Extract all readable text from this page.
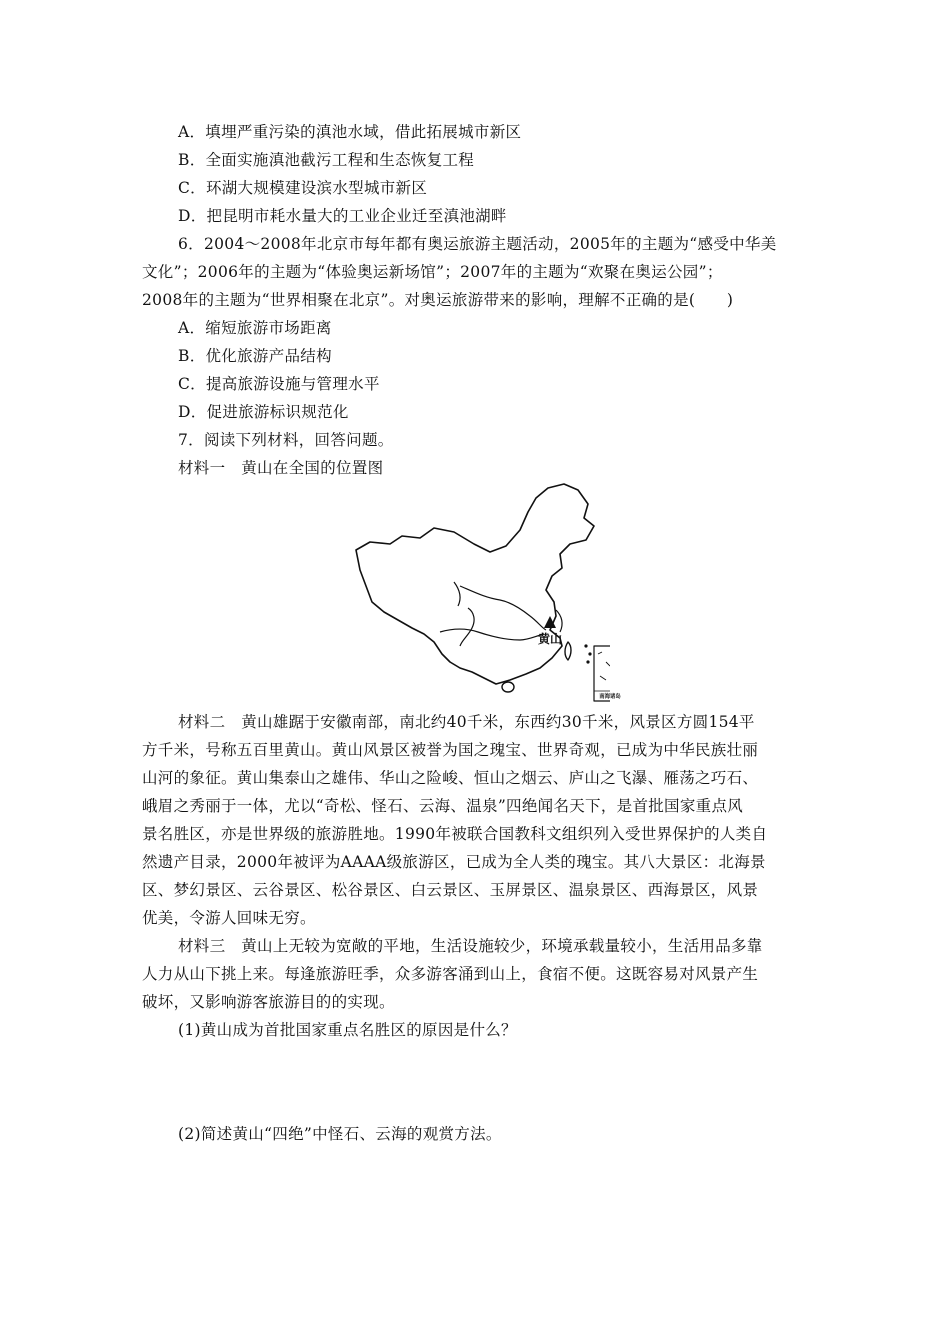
A．填埋严重污染的滇池水域，借此拓展城市新区
B．全面实施滇池截污工程和生态恢复工程
C．环湖大规模建设滨水型城市新区
D．把昆明市耗水量大的工业企业迁至滇池湖畔
6．2004～2008年北京市每年都有奥运旅游主题活动，2005年的主题为“感受中华美
文化”；2006年的主题为“体验奥运新场馆”；2007年的主题为“欢聚在奥运公园”；
2008年的主题为“世界相聚在北京”。对奥运旅游带来的影响，理解不正确的是(　　)
A．缩短旅游市场距离
B．优化旅游产品结构
C．提高旅游设施与管理水平
D．促进旅游标识规范化
7．阅读下列材料，回答问题。
材料一　黄山在全国的位置图
黄山
南海诸岛
材料二　黄山雄踞于安徽南部，南北约40千米，东西约30千米，风景区方圆154平
方千米，号称五百里黄山。黄山风景区被誉为国之瑰宝、世界奇观，已成为中华民族壮丽
山河的象征。黄山集泰山之雄伟、华山之险峻、恒山之烟云、庐山之飞瀑、雁荡之巧石、
峨眉之秀丽于一体，尤以“奇松、怪石、云海、温泉”四绝闻名天下，是首批国家重点风
景名胜区，亦是世界级的旅游胜地。1990年被联合国教科文组织列入受世界保护的人类自
然遗产目录，2000年被评为AAAA级旅游区，已成为全人类的瑰宝。其八大景区：北海景
区、梦幻景区、云谷景区、松谷景区、白云景区、玉屏景区、温泉景区、西海景区，风景
优美，令游人回味无穷。
材料三　黄山上无较为宽敞的平地，生活设施较少，环境承载量较小，生活用品多靠
人力从山下挑上来。每逢旅游旺季，众多游客涌到山上，食宿不便。这既容易对风景产生
破坏，又影响游客旅游目的的实现。
(1)黄山成为首批国家重点名胜区的原因是什么？
(2)简述黄山“四绝”中怪石、云海的观赏方法。
